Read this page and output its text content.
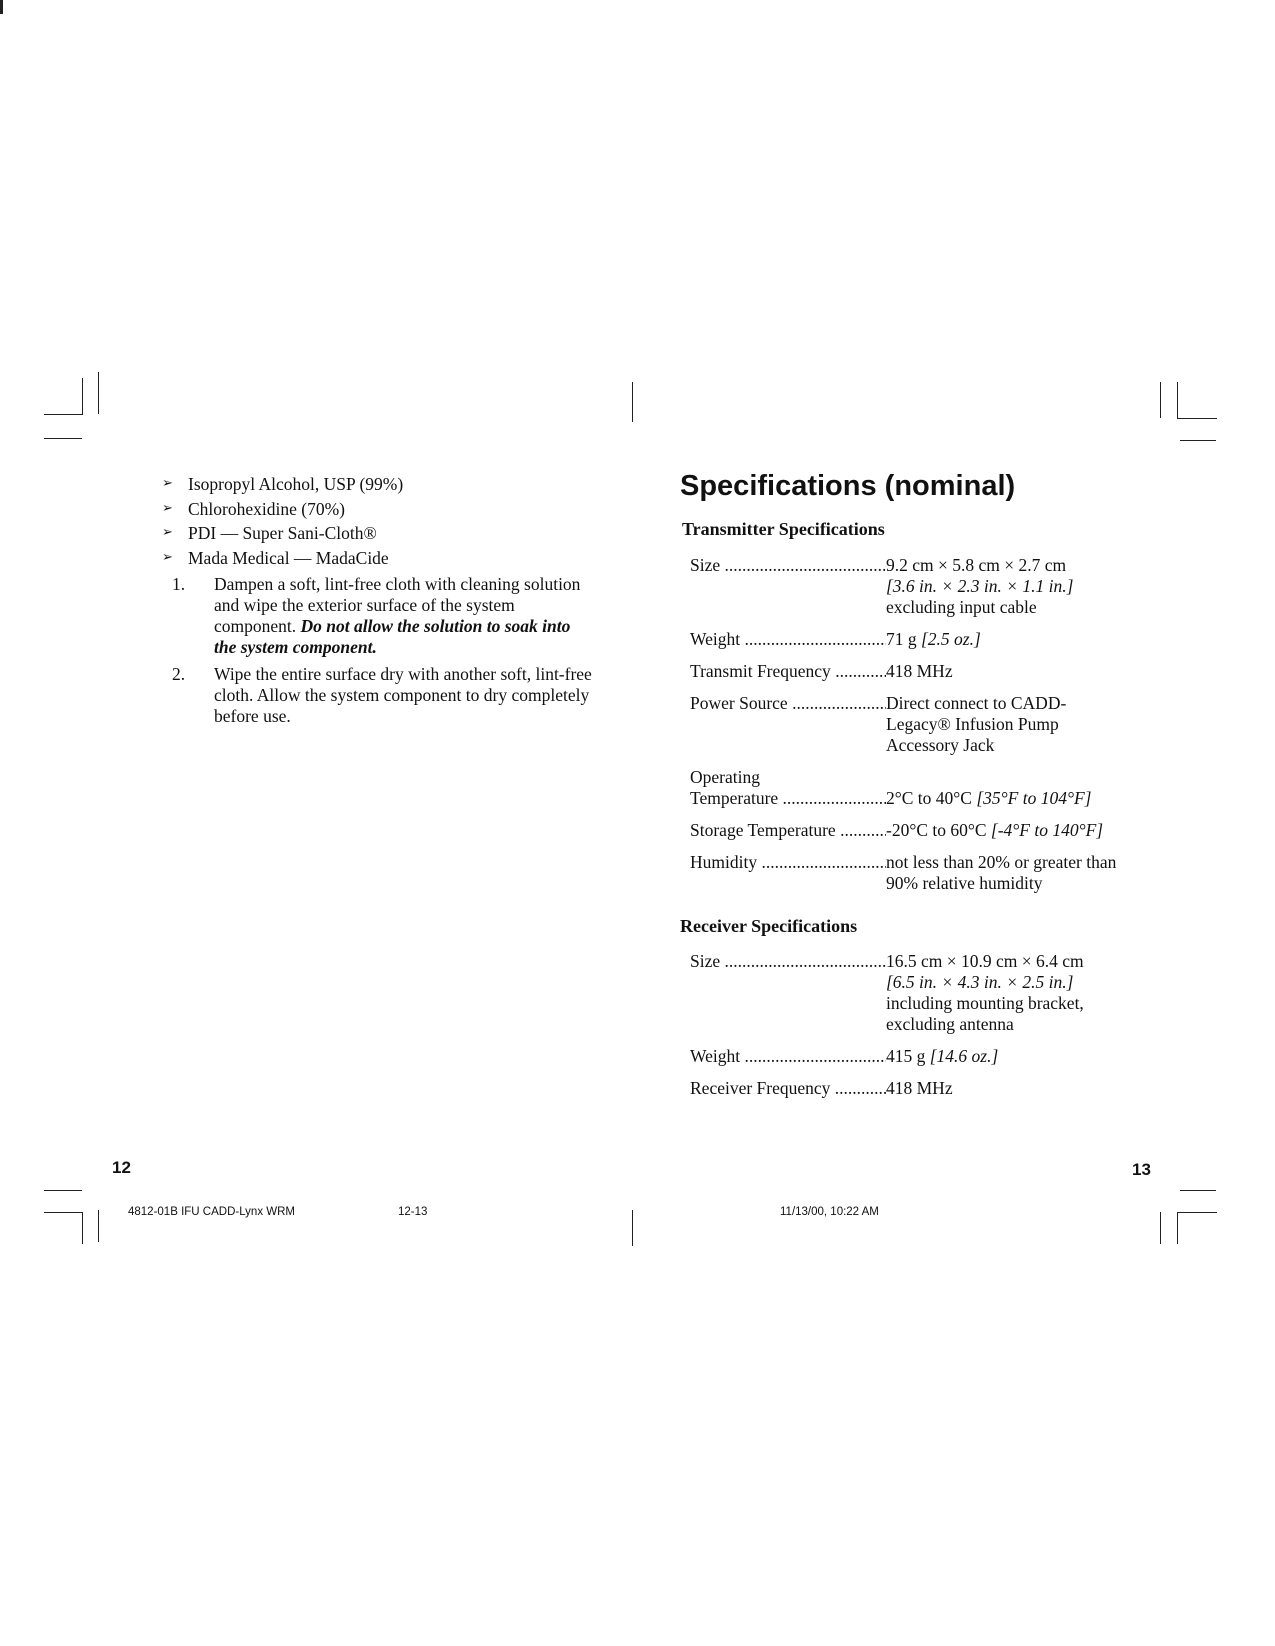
➢ Isopropyl Alcohol, USP (99%)
➢ Chlorohexidine (70%)
➢ PDI — Super Sani-Cloth®
➢ Mada Medical — MadaCide
1.	Dampen a soft, lint-free cloth with cleaning solution and wipe the exterior surface of the system component. Do not allow the solution to soak into the system component.
2.	Wipe the entire surface dry with another soft, lint-free cloth. Allow the system component to dry completely before use.
12
Specifications (nominal)
Transmitter Specifications
Size .....	9.2 cm × 5.8 cm × 2.7 cm
[3.6 in. × 2.3 in. × 1.1 in.]
excluding input cable
Weight .....	71 g [2.5 oz.]
Transmit Frequency .....	418 MHz
Power Source .....	Direct connect to CADD-Legacy® Infusion Pump Accessory Jack
Operating
Temperature .....	2°C to 40°C [35°F to 104°F]
Storage Temperature .....	-20°C to 60°C [-4°F to 140°F]
Humidity .....	not less than 20% or greater than 90% relative humidity
Receiver Specifications
Size .....	16.5 cm × 10.9 cm × 6.4 cm
[6.5 in. × 4.3 in. × 2.5 in.]
including mounting bracket, excluding antenna
Weight .....	415 g [14.6 oz.]
Receiver Frequency .....	418 MHz
13
4812-01B IFU CADD-Lynx WRM	12-13	11/13/00, 10:22 AM
